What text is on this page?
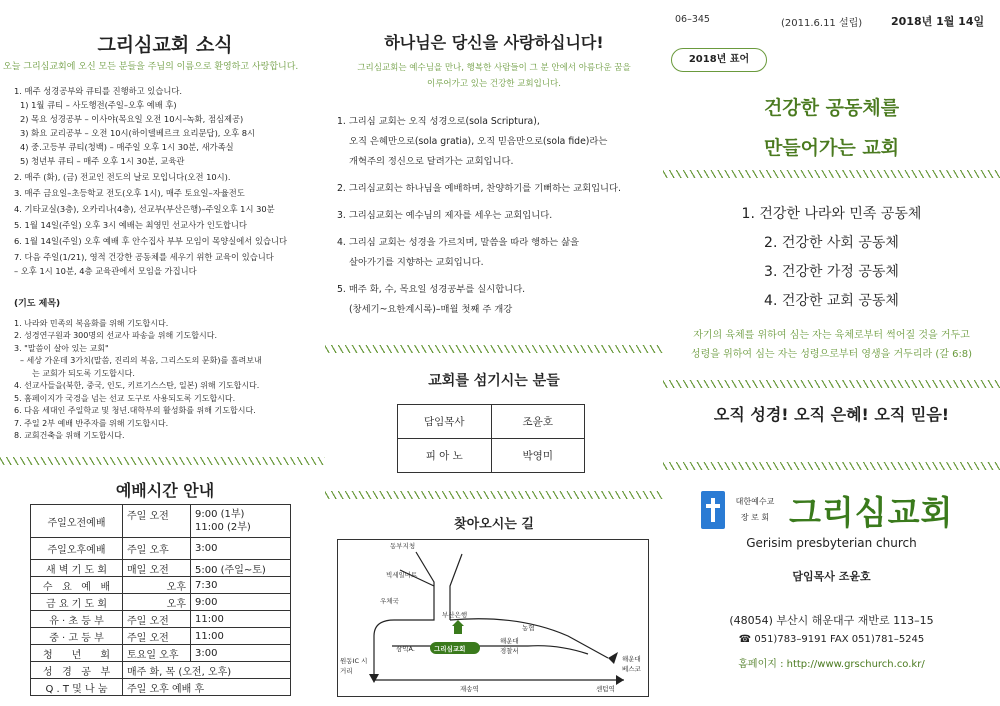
그리심교회 소식
오늘 그리심교회에 오신 모든 분들을 주님의 이름으로 환영하고 사랑합니다.
1. 매주 성경공부와 큐티를 진행하고 있습니다.
1) 1월 큐티 – 사도행전(주일–오후 예배 후)
2) 목요 성경공부 – 이사야(목요일 오전 10시–녹화, 점심제공)
3) 화요 교리공부 – 오전 10시(하이델베르크 요리문답), 오후 8시
4) 중.고등부 큐티(청백) – 매주일 오후 1시 30분, 새가족실
5) 청년부 큐티 – 매주 오후 1시 30분, 교육관
2. 매주 (화), (금) 전교인 전도의 날로 모입니다(오전 10시).
3. 매주 금요일–초등학교 전도(오후 1시), 매주 토요일–자율전도
4. 기타교실(3층), 오카리나(4층), 선교부(부산은행)–주일오후 1시 30분
5. 1월 14일(주일) 오후 3시 예배는 최영민 선교사가 인도합니다
6. 1월 14일(주일) 오후 예배 후 안수집사 부부 모임이 목양실에서 있습니다
7. 다음 주일(1/21), 영적 건강한 공동체를 세우기 위한 교육이 있습니다
– 오후 1시 10분, 4층 교육관에서 모임을 가집니다
(기도 제목)
1. 나라와 민족의 복음화를 위해 기도합시다.
2. 성경연구원과 300명의 선교사 파송을 위해 기도합시다.
3. "말씀이 살아 있는 교회"
– 세상 가운데 3가치(말씀, 진리의 복음, 그리스도의 문화)를 흘려보내
는 교회가 되도록 기도합시다.
4. 선교사들을(북한, 중국, 인도, 키르기스스탄, 일본) 위해 기도합시다.
5. 홈페이지가 국경을 넘는 선교 도구로 사용되도록 기도합시다.
6. 다음 세대인 주일학교 및 청년.대학부의 활성화를 위해 기도합시다.
7. 주일 2부 예배 반주자를 위해 기도합시다.
8. 교회건축을 위해 기도합시다.
예배시간 안내
주일오전예배	주일 오전	9:00 (1부)
11:00 (2부)
주일오후예배	주일 오후	3:00
새 벽 기 도 회	매일 오전	5:00 (주일~토)
수   요   예   배	오후	7:30
금 요 기 도 회	오후	9:00
유 · 초 등 부	주일 오전	11:00
중 · 고 등 부	주일 오전	11:00
청      년      회	토요일 오후	3:00
성   경   공   부	매주 화, 목 (오전, 오후)	
Q . T 및 나 눔	주일 오후 예배 후	
하나님은 당신을 사랑하십니다!
그리심교회는 예수님을 만나, 행복한 사람들이 그 분 안에서 아름다운 꿈을
이루어가고 있는 건강한 교회입니다.
1. 그리심 교회는 오직 성경으로(sola Scriptura),
오직 은혜만으로(sola gratia), 오직 믿음만으로(sola fide)라는
개혁주의 정신으로 달려가는 교회입니다.
2. 그리심교회는 하나님을 예배하며, 찬양하기를 기뻐하는 교회입니다.
3. 그리심교회는 예수님의 제자를 세우는 교회입니다.
4. 그리심 교회는 성경을 가르치며, 말씀을 따라 행하는 삶을
살아가기를 지향하는 교회입니다.
5. 매주 화, 수, 목요일 성경공부를 실시합니다.
(창세기~요한계시록)–매월 첫째 주 개강
교회를 섬기시는 분들
담임목사	조윤호
피 아 노	박영미
찾아오시는 길
동부지청
빅세일마트
우체국
부산은행
농협
해운대 경찰서
원동IC 시거리
삼익A.	그리심교회
해운대 베스코
재송역	센텀역
06–345	(2011.6.11 설립)	2018년 1월 14일
2018년 표어
건강한 공동체를
만들어가는 교회
1. 건강한 나라와 민족 공동체
2. 건강한 사회 공동체
3. 건강한 가정 공동체
4. 건강한 교회 공동체
자기의 육체를 위하여 심는 자는 육체로부터 썩어질 것을 거두고
성령을 위하여 심는 자는 성령으로부터 영생을 거두리라 (갈 6:8)
오직 성경! 오직 은혜! 오직 믿음!
대한예수교
장 로 회 그리심교회
Gerisim presbyterian church
담임목사 조윤호
(48054) 부산시 해운대구 재반로 113–15
☎ 051)783–9191 FAX 051)781–5245
홈페이지 : http://www.grschurch.co.kr/
